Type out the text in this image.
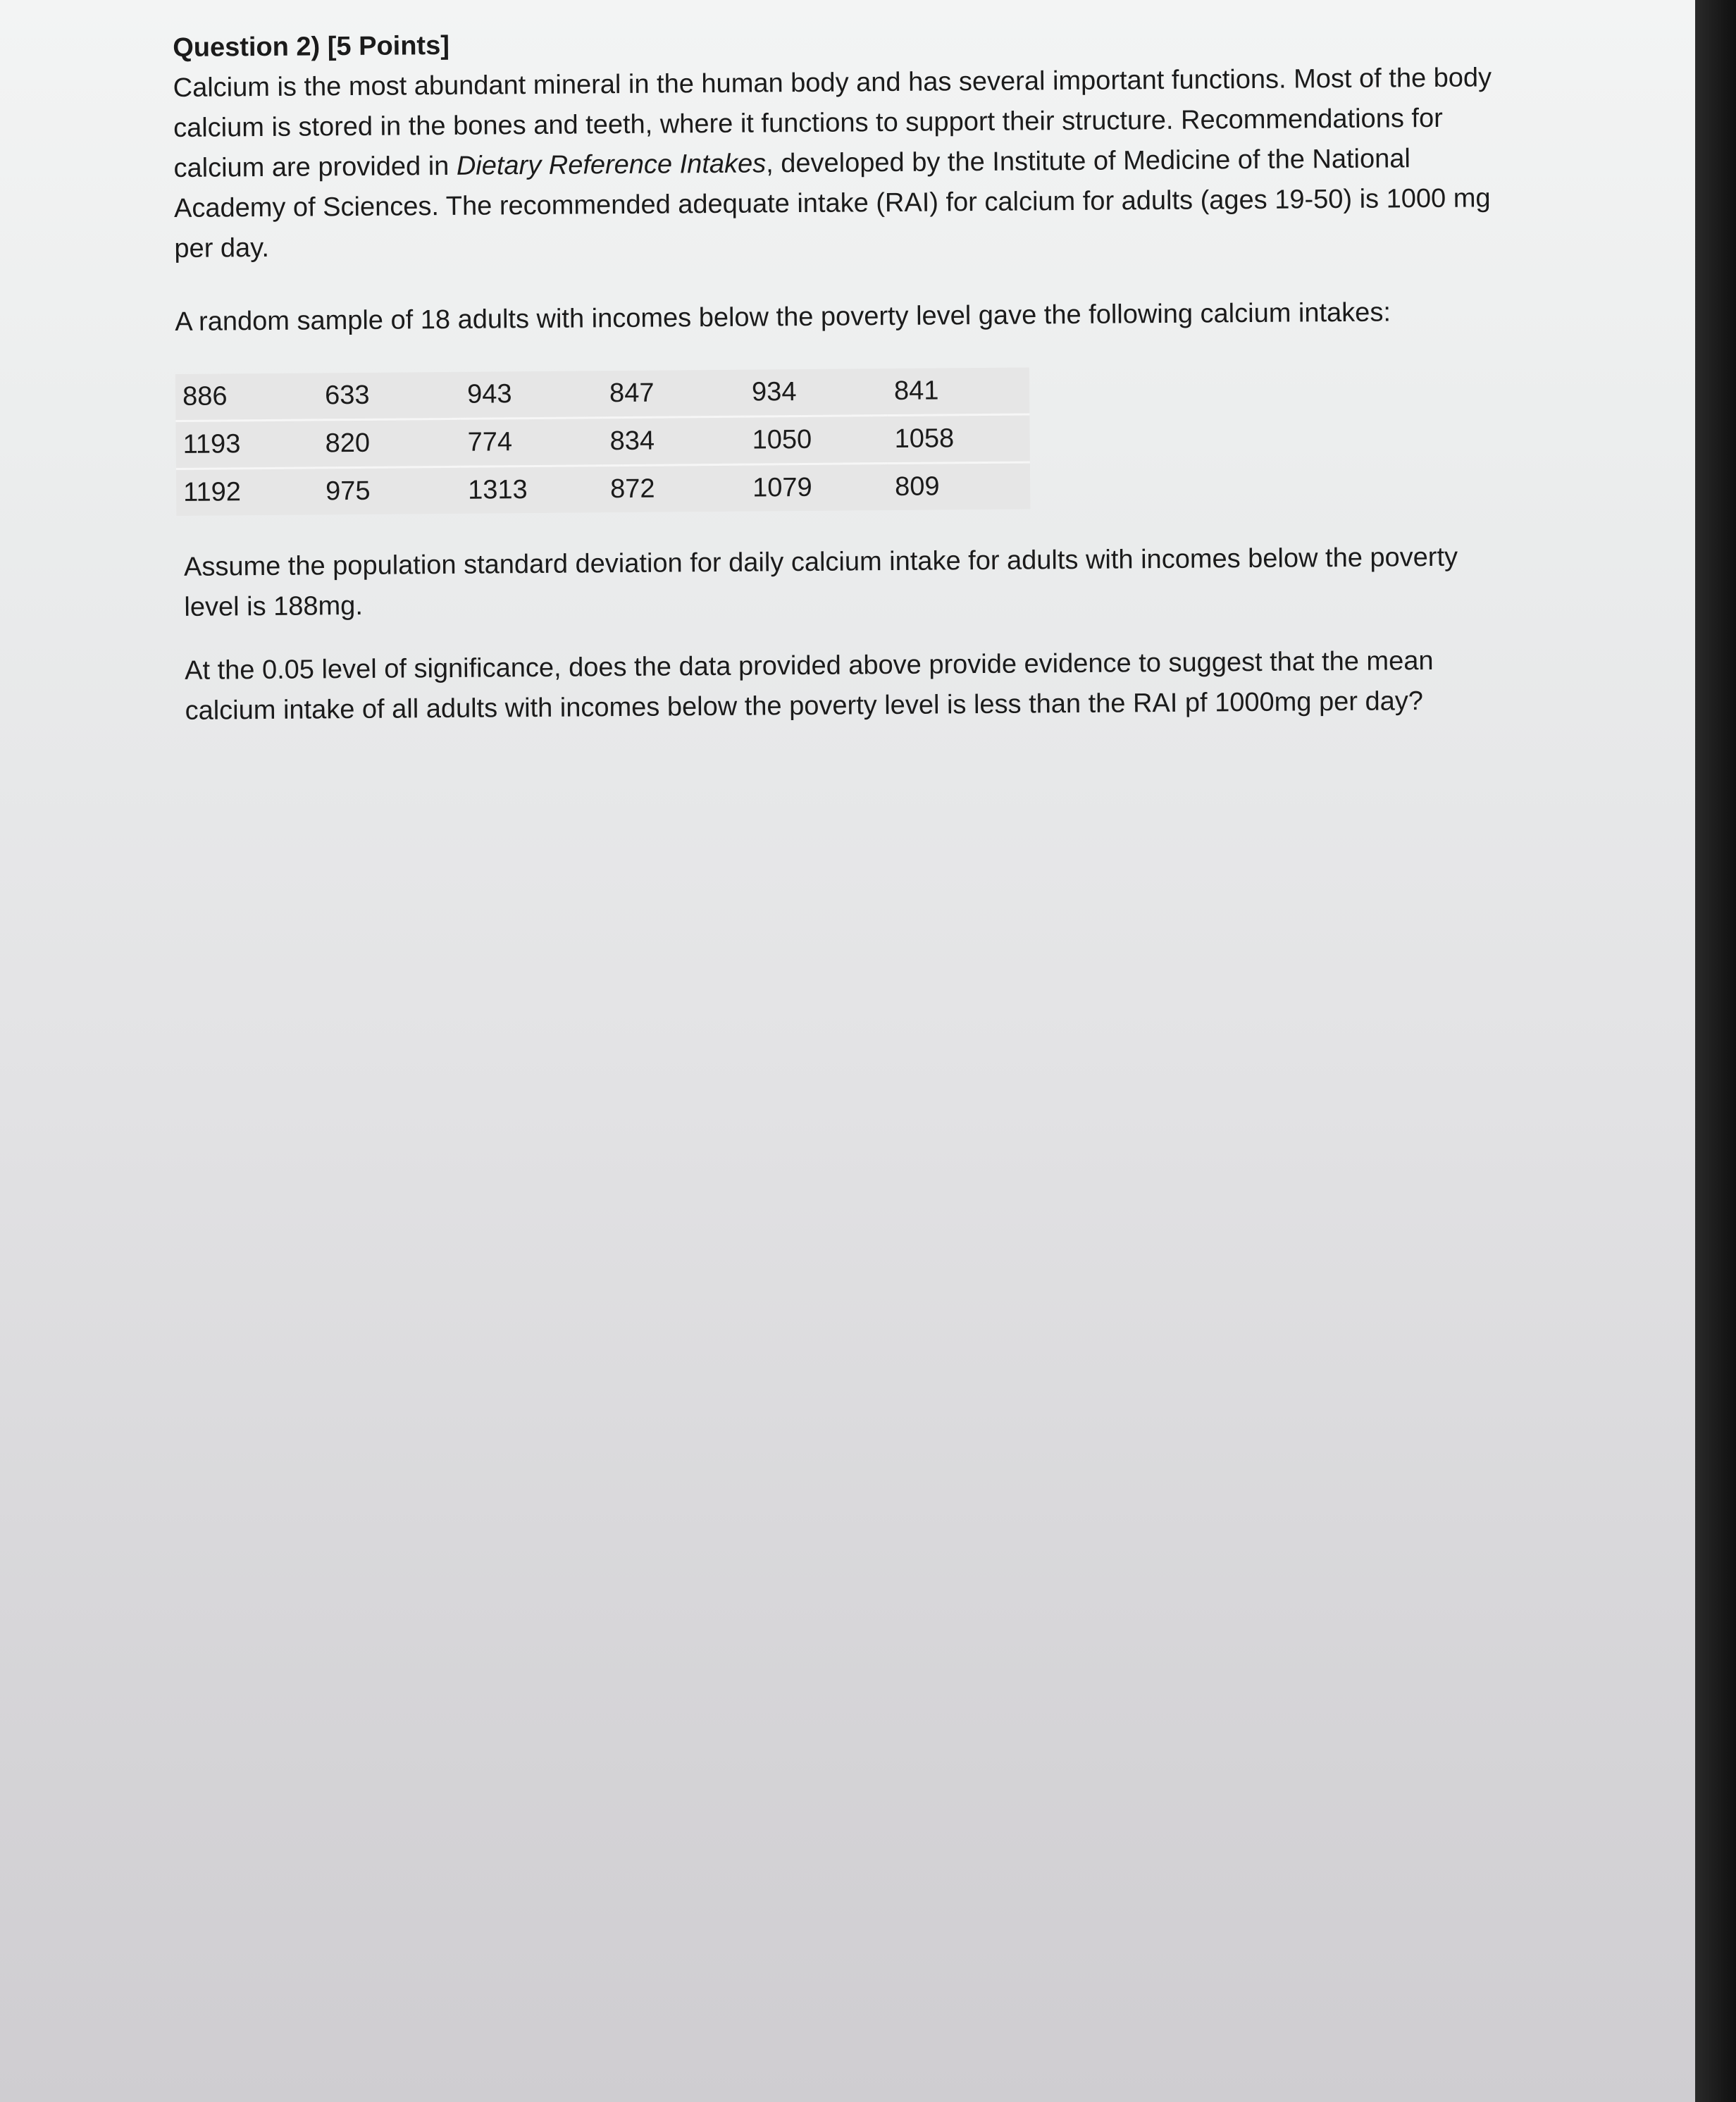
Question 2) [5 Points]

Calcium is the most abundant mineral in the human body and has several important functions. Most of the body calcium is stored in the bones and teeth, where it functions to support their structure. Recommendations for calcium are provided in Dietary Reference Intakes, developed by the Institute of Medicine of the National Academy of Sciences. The recommended adequate intake (RAI) for calcium for adults (ages 19-50) is 1000 mg per day.

A random sample of 18 adults with incomes below the poverty level gave the following calcium intakes:

886	633	943	847	934	841
1193	820	774	834	1050	1058
1192	975	1313	872	1079	809

Assume the population standard deviation for daily calcium intake for adults with incomes below the poverty level is 188mg.

At the 0.05 level of significance, does the data provided above provide evidence to suggest that the mean calcium intake of all adults with incomes below the poverty level is less than the RAI pf 1000mg per day?
